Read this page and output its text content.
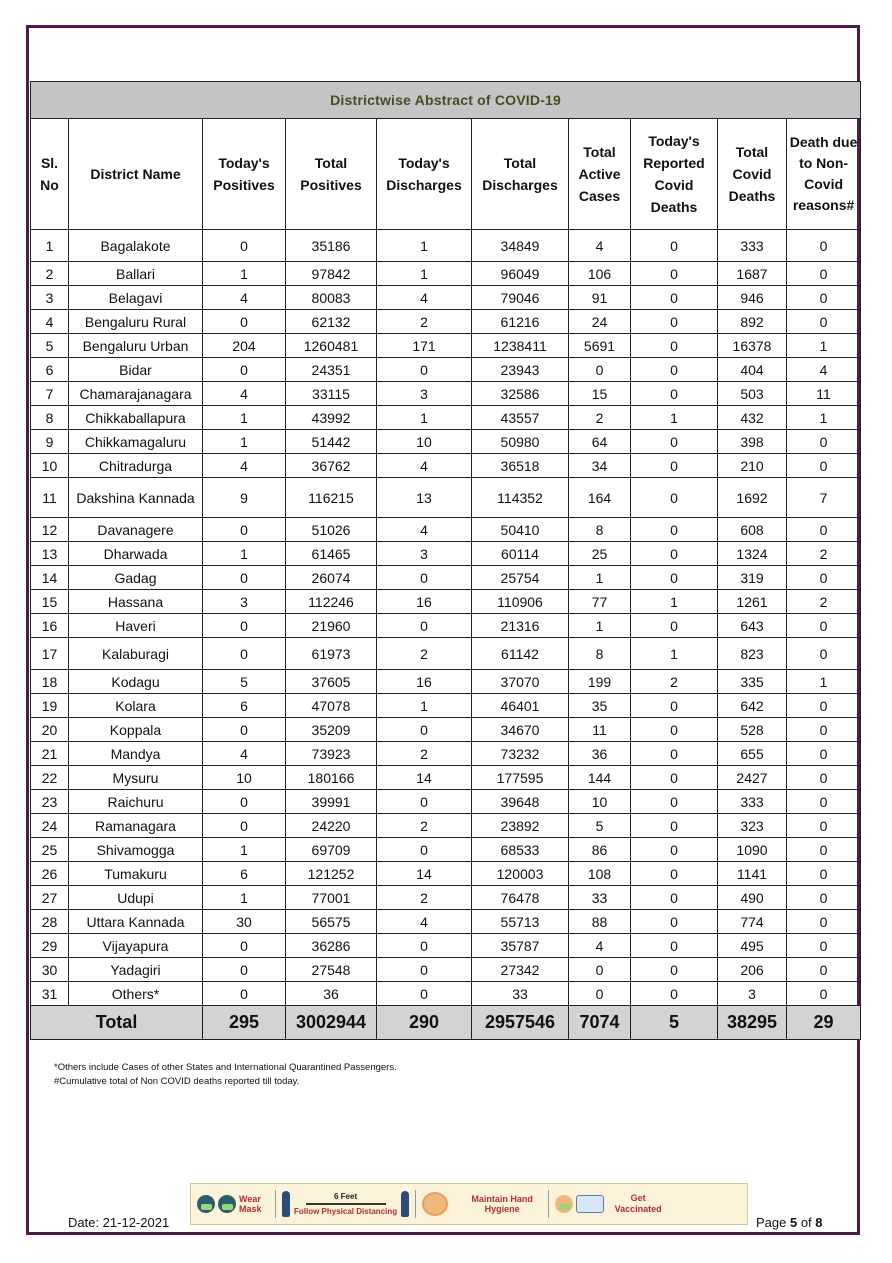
Districtwise Abstract of COVID-19									
Sl. No	District Name	Today's Positives	Total Positives	Today's Discharges	Total Discharges	Total Active Cases	Today's Reported Covid Deaths	Total Covid Deaths	Death due to Non-Covid reasons#
1	Bagalakote	0	35186	1	34849	4	0	333	0
2	Ballari	1	97842	1	96049	106	0	1687	0
3	Belagavi	4	80083	4	79046	91	0	946	0
4	Bengaluru Rural	0	62132	2	61216	24	0	892	0
5	Bengaluru Urban	204	1260481	171	1238411	5691	0	16378	1
6	Bidar	0	24351	0	23943	0	0	404	4
7	Chamarajanagara	4	33115	3	32586	15	0	503	11
8	Chikkaballapura	1	43992	1	43557	2	1	432	1
9	Chikkamagaluru	1	51442	10	50980	64	0	398	0
10	Chitradurga	4	36762	4	36518	34	0	210	0
11	Dakshina Kannada	9	116215	13	114352	164	0	1692	7
12	Davanagere	0	51026	4	50410	8	0	608	0
13	Dharwada	1	61465	3	60114	25	0	1324	2
14	Gadag	0	26074	0	25754	1	0	319	0
15	Hassana	3	112246	16	110906	77	1	1261	2
16	Haveri	0	21960	0	21316	1	0	643	0
17	Kalaburagi	0	61973	2	61142	8	1	823	0
18	Kodagu	5	37605	16	37070	199	2	335	1
19	Kolara	6	47078	1	46401	35	0	642	0
20	Koppala	0	35209	0	34670	11	0	528	0
21	Mandya	4	73923	2	73232	36	0	655	0
22	Mysuru	10	180166	14	177595	144	0	2427	0
23	Raichuru	0	39991	0	39648	10	0	333	0
24	Ramanagara	0	24220	2	23892	5	0	323	0
25	Shivamogga	1	69709	0	68533	86	0	1090	0
26	Tumakuru	6	121252	14	120003	108	0	1141	0
27	Udupi	1	77001	2	76478	33	0	490	0
28	Uttara Kannada	30	56575	4	55713	88	0	774	0
29	Vijayapura	0	36286	0	35787	4	0	495	0
30	Yadagiri	0	27548	0	27342	0	0	206	0
31	Others*	0	36	0	33	0	0	3	0
Total		295	3002944	290	2957546	7074	5	38295	29
*Others include Cases of other States and International Quarantined Passengers.
#Cumulative total of Non COVID deaths reported till today.
Wear Mask
6 Feet
Follow Physical Distancing
Maintain Hand Hygiene
Get Vaccinated
Date: 21-12-2021	Page 5 of 8
